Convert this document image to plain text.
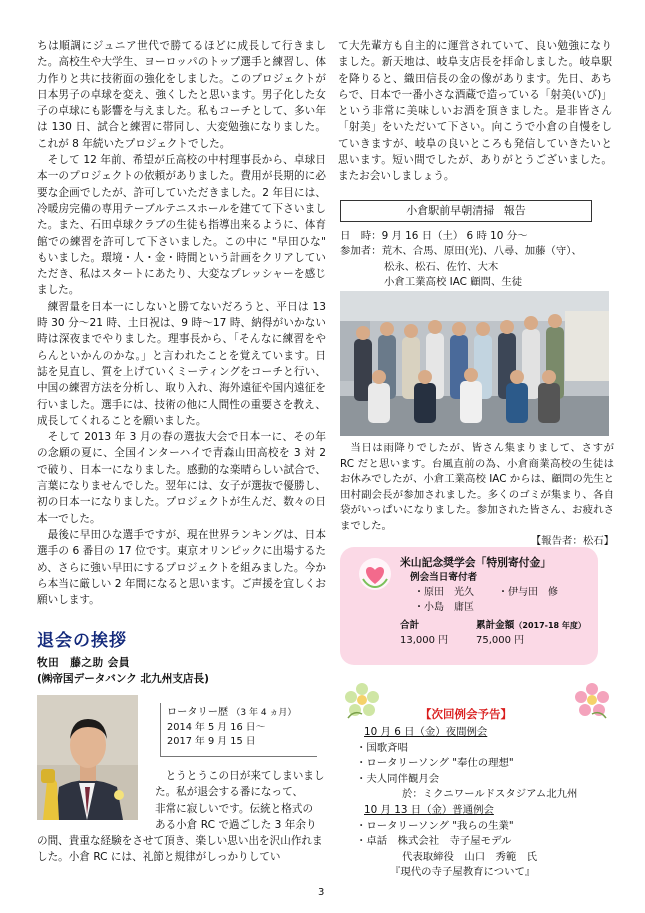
ちは順調にジュニア世代で勝てるほどに成長して行きました。高校生や大学生、ヨーロッパのトップ選手と練習し、体力作りと共に技術面の強化をしました。このプロジェクトが日本男子の卓球を変え、強くしたと思います。男子化した女子の卓球にも影響を与えました。私もコーチとして、多い年は 130 日、試合と練習に帯同し、大変勉強になりました。これが 8 年続いたプロジェクトでした。

そして 12 年前、希望が丘高校の中村理事長から、卓球日本一のプロジェクトの依頼がありました。費用が長期的に必要な企画でしたが、許可していただきました。2 年目には、冷暖房完備の専用テーブルテニスホールを建てて下さいました。また、石田卓球クラブの生徒も指導出来るように、体育館での練習を許可して下さいました。この中に "早田ひな" もいました。環境・人・金・時間という計画をクリアしていただき、私はスタートにあたり、大変なプレッシャーを感じました。

練習量を日本一にしないと勝てないだろうと、平日は 13 時 30 分〜21 時、土日祝は、9 時〜17 時、納得がいかない時は深夜までやりました。理事長から、「そんなに練習をやらんといかんのかな。」と言われたことを覚えています。日誌を見直し、質を上げていくミーティングをコーチと行い、中国の練習方法を分析し、取り入れ、海外遠征や国内遠征を行いました。選手には、技術の他に人間性の重要さを教え、成長してくれることを願いました。

そして 2013 年 3 月の春の選抜大会で日本一に、その年の念願の夏に、全国インターハイで青森山田高校を 3 対 2 で破り、日本一になりました。感動的な楽晴らしい試合で、言葉になりませんでした。翌年には、女子が選抜で優勝し、初の日本一になりました。プロジェクトが生んだ、数々の日本一でした。

最後に早田ひな選手ですが、現在世界ランキングは、日本選手の 6 番目の 17 位です。東京オリンピックに出場するため、さらに強い早田にするプロジェクトを組みました。今から本当に厳しい 2 年間になると思います。ご声援を宜しくお願いします。

退会の挨拶
牧田　藤之助 会員
(㈱帝国データバンク 北九州支店長)
ロータリー歴 （3 年 4 ヵ月）
2014 年 5 月 16 日〜
2017 年 9 月 15 日
とうとうこの日が来てしまいました。私が退会する番になって、
非常に寂しいです。伝統と格式の
ある小倉 RC で過ごした 3 年余り
の間、貴重な経験をさせて頂き、楽しい思い出を沢山作れました。小倉 RC には、礼節と規律がしっかりしてい

て大先輩方も自主的に運営されていて、良い勉強になりました。新天地は、岐阜支店長を拝命しました。岐阜駅を降りると、織田信長の金の像があります。先日、あちらで、日本で一番小さな酒蔵で造っている「射美(いび)」という非常に美味しいお酒を頂きました。是非皆さん「射美」をいただいて下さい。向こうで小倉の自慢をしていきますが、岐阜の良いところも発信していきたいと思います。短い間でしたが、ありがとうございました。またお会いしましょう。

小倉駅前早朝清掃 報告
日　時：9 月 16 日（土） 6 時 10 分〜
参加者：荒木、合馬、原田(光)、八尋、加藤（守）、
松永、松石、佐竹、大木
小倉工業高校 IAC 顧問、生徒
当日は雨降りでしたが、皆さん集まりまして、さすが RC だと思います。台風直前の為、小倉商業高校の生徒はお休みでしたが、小倉工業高校 IAC からは、顧問の先生と田村副会長が参加されました。多くのゴミが集まり、各自袋がいっぱいになりました。参加された皆さん、お疲れさまでした。
【報告者：松石】
米山記念奨学会「特別寄付金」
例会当日寄付者
・原田　光久 ・伊与田　修
・小島　庸匡
合計	累計金額（2017-18 年度）
13,000 円	75,000 円
【次回例会予告】
10 月 6 日（金）夜間例会
・国歌斉唱
・ロータリーソング "奉仕の理想"
・夫人同伴観月会
於：ミクニワールドスタジアム北九州
10 月 13 日（金）普通例会
・ロータリーソング "我らの生業"
・卓話　株式会社　寺子屋モデル
代表取締役　山口　秀範　氏
『現代の寺子屋教育について』
3
